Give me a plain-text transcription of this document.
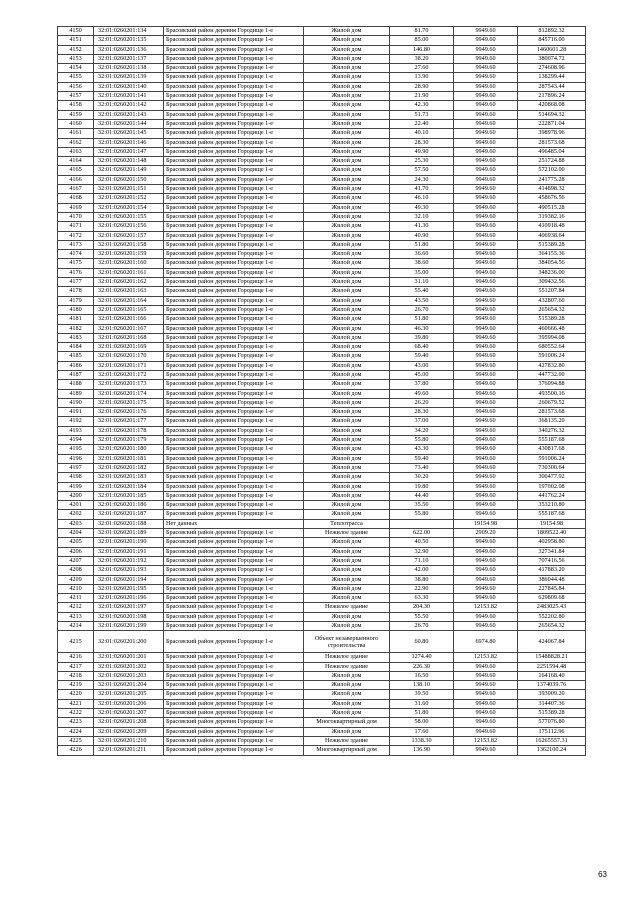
4150	32:01:0260201:134	Брасовский район деревня Городище 1-е	Жилой дом	81.70	9949.60	812892.32
4151	32:01:0260201:135	Брасовский район деревня Городище 1-е	Жилой дом	85.00	9949.60	845716.00
4152	32:01:0260201:136	Брасовский район деревня Городище 1-е	Жилой дом	146.80	9949.60	1460601.28
4153	32:01:0260201:137	Брасовский район деревня Городище 1-е	Жилой дом	38.20	9949.60	380074.72
4154	32:01:0260201:138	Брасовский район деревня Городище 1-е	Жилой дом	27.60	9949.60	274608.96
4155	32:01:0260201:139	Брасовский район деревня Городище 1-е	Жилой дом	13.90	9949.60	138299.44
4156	32:01:0260201:140	Брасовский район деревня Городище 1-е	Жилой дом	28.90	9949.60	287543.44
4157	32:01:0260201:141	Брасовский район деревня Городище 1-е	Жилой дом	21.90	9949.60	217896.24
4158	32:01:0260201:142	Брасовский район деревня Городище 1-е	Жилой дом	42.30	9949.60	420868.08
4159	32:01:0260201:143	Брасовский район деревня Городище 1-е	Жилой дом	51.73	9949.60	514694.32
4160	32:01:0260201:144	Брасовский район деревня Городище 1-е	Жилой дом	22.40	9949.60	222871.04
4161	32:01:0260201:145	Брасовский район деревня Городище 1-е	Жилой дом	40.10	9949.60	398978.96
4162	32:01:0260201:146	Брасовский район деревня Городище 1-е	Жилой дом	28.30	9949.60	281573.68
4163	32:01:0260201:147	Брасовский район деревня Городище 1-е	Жилой дом	49.90	9949.60	496485.04
4164	32:01:0260201:148	Брасовский район деревня Городище 1-е	Жилой дом	25.30	9949.60	251724.88
4165	32:01:0260201:149	Брасовский район деревня Городище 1-е	Жилой дом	57.50	9949.60	572102.00
4166	32:01:0260201:150	Брасовский район деревня Городище 1-е	Жилой дом	24.30	9949.60	241775.28
4167	32:01:0260201:151	Брасовский район деревня Городище 1-е	Жилой дом	41.70	9949.60	414898.32
4168	32:01:0260201:152	Брасовский район деревня Городище 1-е	Жилой дом	46.10	9949.60	458676.56
4169	32:01:0260201:154	Брасовский район деревня Городище 1-е	Жилой дом	49.30	9949.60	490515.28
4170	32:01:0260201:155	Брасовский район деревня Городище 1-е	Жилой дом	32.10	9949.60	319382.16
4171	32:01:0260201:156	Брасовский район деревня Городище 1-е	Жилой дом	41.30	9949.60	410918.48
4172	32:01:0260201:157	Брасовский район деревня Городище 1-е	Жилой дом	40.90	9949.60	406938.64
4173	32:01:0260201:158	Брасовский район деревня Городище 1-е	Жилой дом	51.80	9949.60	515389.28
4174	32:01:0260201:159	Брасовский район деревня Городище 1-е	Жилой дом	36.60	9949.60	364155.36
4175	32:01:0260201:160	Брасовский район деревня Городище 1-е	Жилой дом	38.60	9949.60	384054.56
4176	32:01:0260201:161	Брасовский район деревня Городище 1-е	Жилой дом	35.00	9949.60	348236.00
4177	32:01:0260201:162	Брасовский район деревня Городище 1-е	Жилой дом	31.10	9949.60	309432.56
4178	32:01:0260201:163	Брасовский район деревня Городище 1-е	Жилой дом	55.40	9949.60	551207.84
4179	32:01:0260201:164	Брасовский район деревня Городище 1-е	Жилой дом	43.50	9949.60	432807.60
4180	32:01:0260201:165	Брасовский район деревня Городище 1-е	Жилой дом	26.70	9949.60	265654.32
4181	32:01:0260201:166	Брасовский район деревня Городище 1-е	Жилой дом	51.80	9949.60	515389.28
4182	32:01:0260201:167	Брасовский район деревня Городище 1-е	Жилой дом	46.30	9949.60	460666.48
4183	32:01:0260201:168	Брасовский район деревня Городище 1-е	Жилой дом	39.80	9949.60	395994.08
4184	32:01:0260201:169	Брасовский район деревня Городище 1-е	Жилой дом	68.40	9949.60	680552.64
4185	32:01:0260201:170	Брасовский район деревня Городище 1-е	Жилой дом	59.40	9949.60	591006.24
4186	32:01:0260201:171	Брасовский район деревня Городище 1-е	Жилой дом	43.00	9949.60	427832.80
4187	32:01:0260201:172	Брасовский район деревня Городище 1-е	Жилой дом	45.00	9949.60	447732.00
4188	32:01:0260201:173	Брасовский район деревня Городище 1-е	Жилой дом	37.80	9949.60	376094.88
4189	32:01:0260201:174	Брасовский район деревня Городище 1-е	Жилой дом	49.60	9949.60	493500.16
4190	32:01:0260201:175	Брасовский район деревня Городище 1-е	Жилой дом	26.20	9949.60	260679.52
4191	32:01:0260201:176	Брасовский район деревня Городище 1-е	Жилой дом	28.30	9949.60	281573.68
4192	32:01:0260201:177	Брасовский район деревня Городище 1-е	Жилой дом	37.00	9949.60	368135.20
4193	32:01:0260201:178	Брасовский район деревня Городище 1-е	Жилой дом	34.20	9949.60	340276.32
4194	32:01:0260201:179	Брасовский район деревня Городище 1-е	Жилой дом	55.80	9949.60	555187.68
4195	32:01:0260201:180	Брасовский район деревня Городище 1-е	Жилой дом	43.30	9949.60	430817.68
4196	32:01:0260201:181	Брасовский район деревня Городище 1-е	Жилой дом	59.40	9949.60	591006.24
4197	32:01:0260201:182	Брасовский район деревня Городище 1-е	Жилой дом	73.40	9949.60	730300.64
4198	32:01:0260201:183	Брасовский район деревня Городище 1-е	Жилой дом	30.20	9949.60	300477.92
4199	32:01:0260201:184	Брасовский район деревня Городище 1-е	Жилой дом	19.80	9949.60	197002.08
4200	32:01:0260201:185	Брасовский район деревня Городище 1-е	Жилой дом	44.40	9949.60	441762.24
4201	32:01:0260201:186	Брасовский район деревня Городище 1-е	Жилой дом	35.50	9949.60	353210.80
4202	32:01:0260201:187	Брасовский район деревня Городище 1-е	Жилой дом	55.80	9949.60	555187.68
4203	32:01:0260201:188	Нет данных	Теплотрасса		19154.98	19154.98
4204	32:01:0260201:189	Брасовский район деревня Городище 1-е	Нежилое здание	622.00	2909.20	1809522.40
4205	32:01:0260201:190	Брасовский район деревня Городище 1-е	Жилой дом	40.50	9949.60	402958.80
4206	32:01:0260201:191	Брасовский район деревня Городище 1-е	Жилой дом	32.90	9949.60	327341.84
4207	32:01:0260201:192	Брасовский район деревня Городище 1-е	Жилой дом	71.10	9949.60	707416.56
4208	32:01:0260201:193	Брасовский район деревня Городище 1-е	Жилой дом	42.00	9949.60	417883.20
4209	32:01:0260201:194	Брасовский район деревня Городище 1-е	Жилой дом	38.80	9949.60	386044.48
4210	32:01:0260201:195	Брасовский район деревня Городище 1-е	Жилой дом	22.90	9949.60	227845.84
4211	32:01:0260201:196	Брасовский район деревня Городище 1-е	Жилой дом	63.30	9949.60	629809.68
4212	32:01:0260201:197	Брасовский район деревня Городище 1-е	Нежилое здание	204.30	12153.82	2483025.43
4213	32:01:0260201:198	Брасовский район деревня Городище 1-е	Жилой дом	55.50	9949.60	552202.80
4214	32:01:0260201:199	Брасовский район деревня Городище 1-е	Жилой дом	26.70	9949.60	265654.32
4215	32:01:0260201:200	Брасовский район деревня Городище 1-е	Объект незавершенного строительства	60.80	6974.80	424067.84
4216	32:01:0260201:201	Брасовский район деревня Городище 1-е	Нежилое здание	1274.40	12153.82	15488828.21
4217	32:01:0260201:202	Брасовский район деревня Городище 1-е	Нежилое здание	226.30	9949.60	2251594.48
4218	32:01:0260201:203	Брасовский район деревня Городище 1-е	Жилой дом	16.50	9949.60	164168.40
4219	32:01:0260201:204	Брасовский район деревня Городище 1-е	Жилой дом	138.10	9949.60	1374039.76
4220	32:01:0260201:205	Брасовский район деревня Городище 1-е	Жилой дом	39.50	9949.60	393009.20
4221	32:01:0260201:206	Брасовский район деревня Городище 1-е	Жилой дом	31.60	9949.60	314407.36
4222	32:01:0260201:207	Брасовский район деревня Городище 1-е	Жилой дом	51.80	9949.60	515389.28
4223	32:01:0260201:208	Брасовский район деревня Городище 1-е	Многоквартирный дом	58.00	9949.60	577076.80
4224	32:01:0260201:209	Брасовский район деревня Городище 1-е	Жилой дом	17.60	9949.60	175112.96
4225	32:01:0260201:210	Брасовский район деревня Городище 1-е	Нежилое здание	1338.30	12153.82	16265557.31
4226	32:01:0260201:211	Брасовский район деревня Городище 1-е	Многоквартирный дом	136.90	9949.60	1362100.24
63
